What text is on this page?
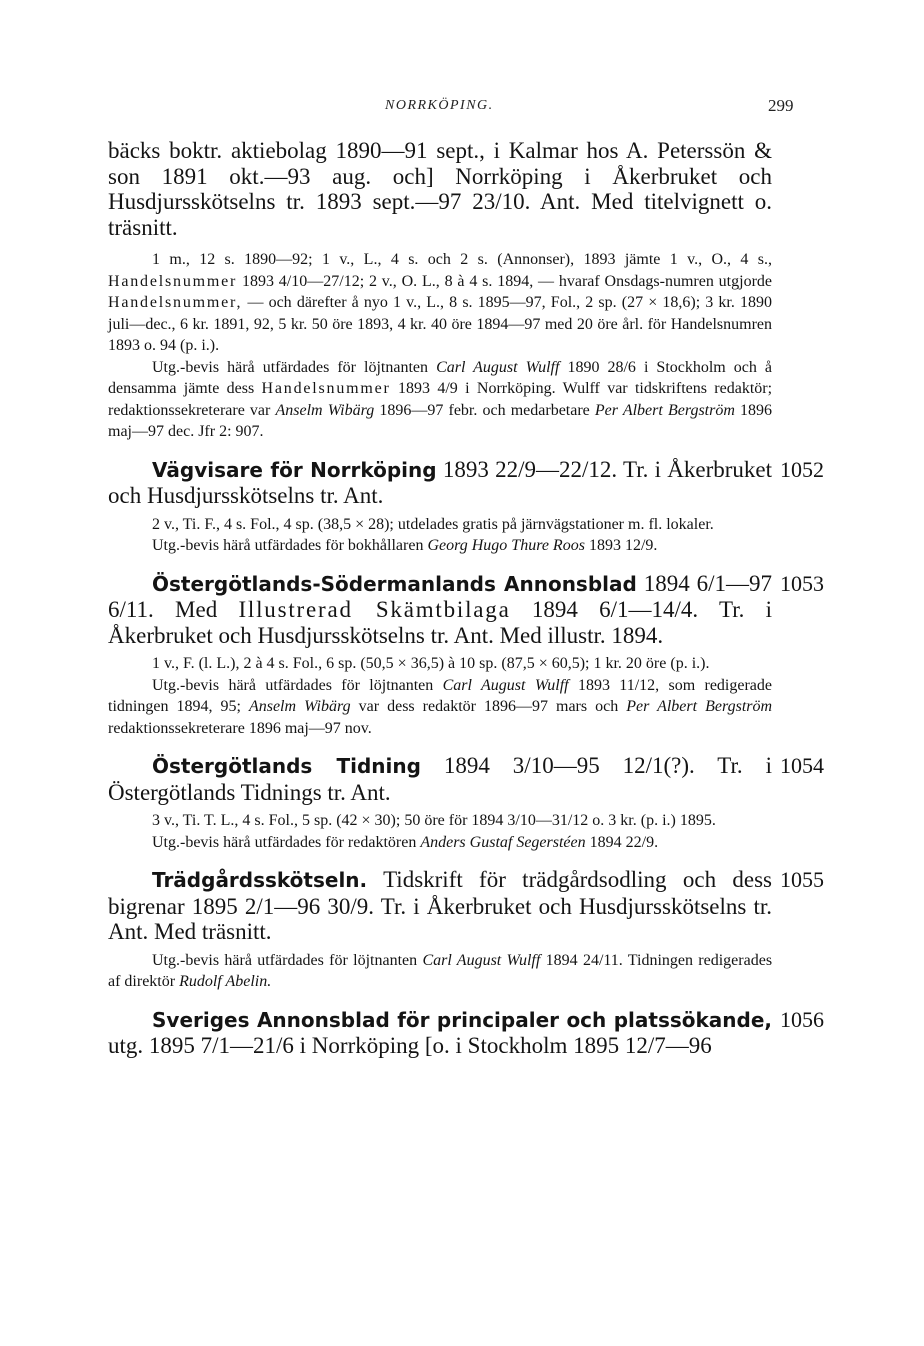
NORRKÖPING.	299

bäcks boktr. aktiebolag 1890—91 sept., i Kalmar hos A. Peterssön & son 1891 okt.—93 aug. och] Norrköping i Åkerbruket och Husdjursskötselns tr. 1893 sept.—97 23/10. Ant. Med titelvignett o. träsnitt.

1 m., 12 s. 1890—92; 1 v., L., 4 s. och 2 s. (Annonser), 1893 jämte 1 v., O., 4 s., Handelsnummer 1893 4/10—27/12; 2 v., O. L., 8 à 4 s. 1894, — hvaraf Onsdags-numren utgjorde Handelsnummer, — och därefter å nyo 1 v., L., 8 s. 1895—97, Fol., 2 sp. (27 × 18,6); 3 kr. 1890 juli—dec., 6 kr. 1891, 92, 5 kr. 50 öre 1893, 4 kr. 40 öre 1894—97 med 20 öre årl. för Handelsnumren 1893 o. 94 (p. i.).

Utg.-bevis härå utfärdades för löjtnanten Carl August Wulff 1890 28/6 i Stockholm och å densamma jämte dess Handelsnummer 1893 4/9 i Norrköping. Wulff var tidskriftens redaktör; redaktionssekreterare var Anselm Wibärg 1896—97 febr. och medarbetare Per Albert Bergström 1896 maj—97 dec. Jfr 2: 907.

1052

Vägvisare för Norrköping 1893 22/9—22/12. Tr. i Åkerbruket och Husdjursskötselns tr. Ant.

2 v., Ti. F., 4 s. Fol., 4 sp. (38,5 × 28); utdelades gratis på järnvägstationer m. fl. lokaler.

Utg.-bevis härå utfärdades för bokhållaren Georg Hugo Thure Roos 1893 12/9.

1053

Östergötlands-Södermanlands Annonsblad 1894 6/1—97 6/11. Med Illustrerad Skämtbilaga 1894 6/1—14/4. Tr. i Åkerbruket och Husdjursskötselns tr. Ant. Med illustr. 1894.

1 v., F. (l. L.), 2 à 4 s. Fol., 6 sp. (50,5 × 36,5) à 10 sp. (87,5 × 60,5); 1 kr. 20 öre (p. i.).

Utg.-bevis härå utfärdades för löjtnanten Carl August Wulff 1893 11/12, som redigerade tidningen 1894, 95; Anselm Wibärg var dess redaktör 1896—97 mars och Per Albert Bergström redaktionssekreterare 1896 maj—97 nov.

1054

Östergötlands Tidning 1894 3/10—95 12/1(?). Tr. i Östergötlands Tidnings tr. Ant.

3 v., Ti. T. L., 4 s. Fol., 5 sp. (42 × 30); 50 öre för 1894 3/10—31/12 o. 3 kr. (p. i.) 1895.

Utg.-bevis härå utfärdades för redaktören Anders Gustaf Segerstéen 1894 22/9.

1055

Trädgårdsskötseln. Tidskrift för trädgårdsodling och dess bigrenar 1895 2/1—96 30/9. Tr. i Åkerbruket och Husdjursskötselns tr. Ant. Med träsnitt.

Utg.-bevis härå utfärdades för löjtnanten Carl August Wulff 1894 24/11. Tidningen redigerades af direktör Rudolf Abelin.

1056

Sveriges Annonsblad för principaler och platssökande, utg. 1895 7/1—21/6 i Norrköping [o. i Stockholm 1895 12/7—96
